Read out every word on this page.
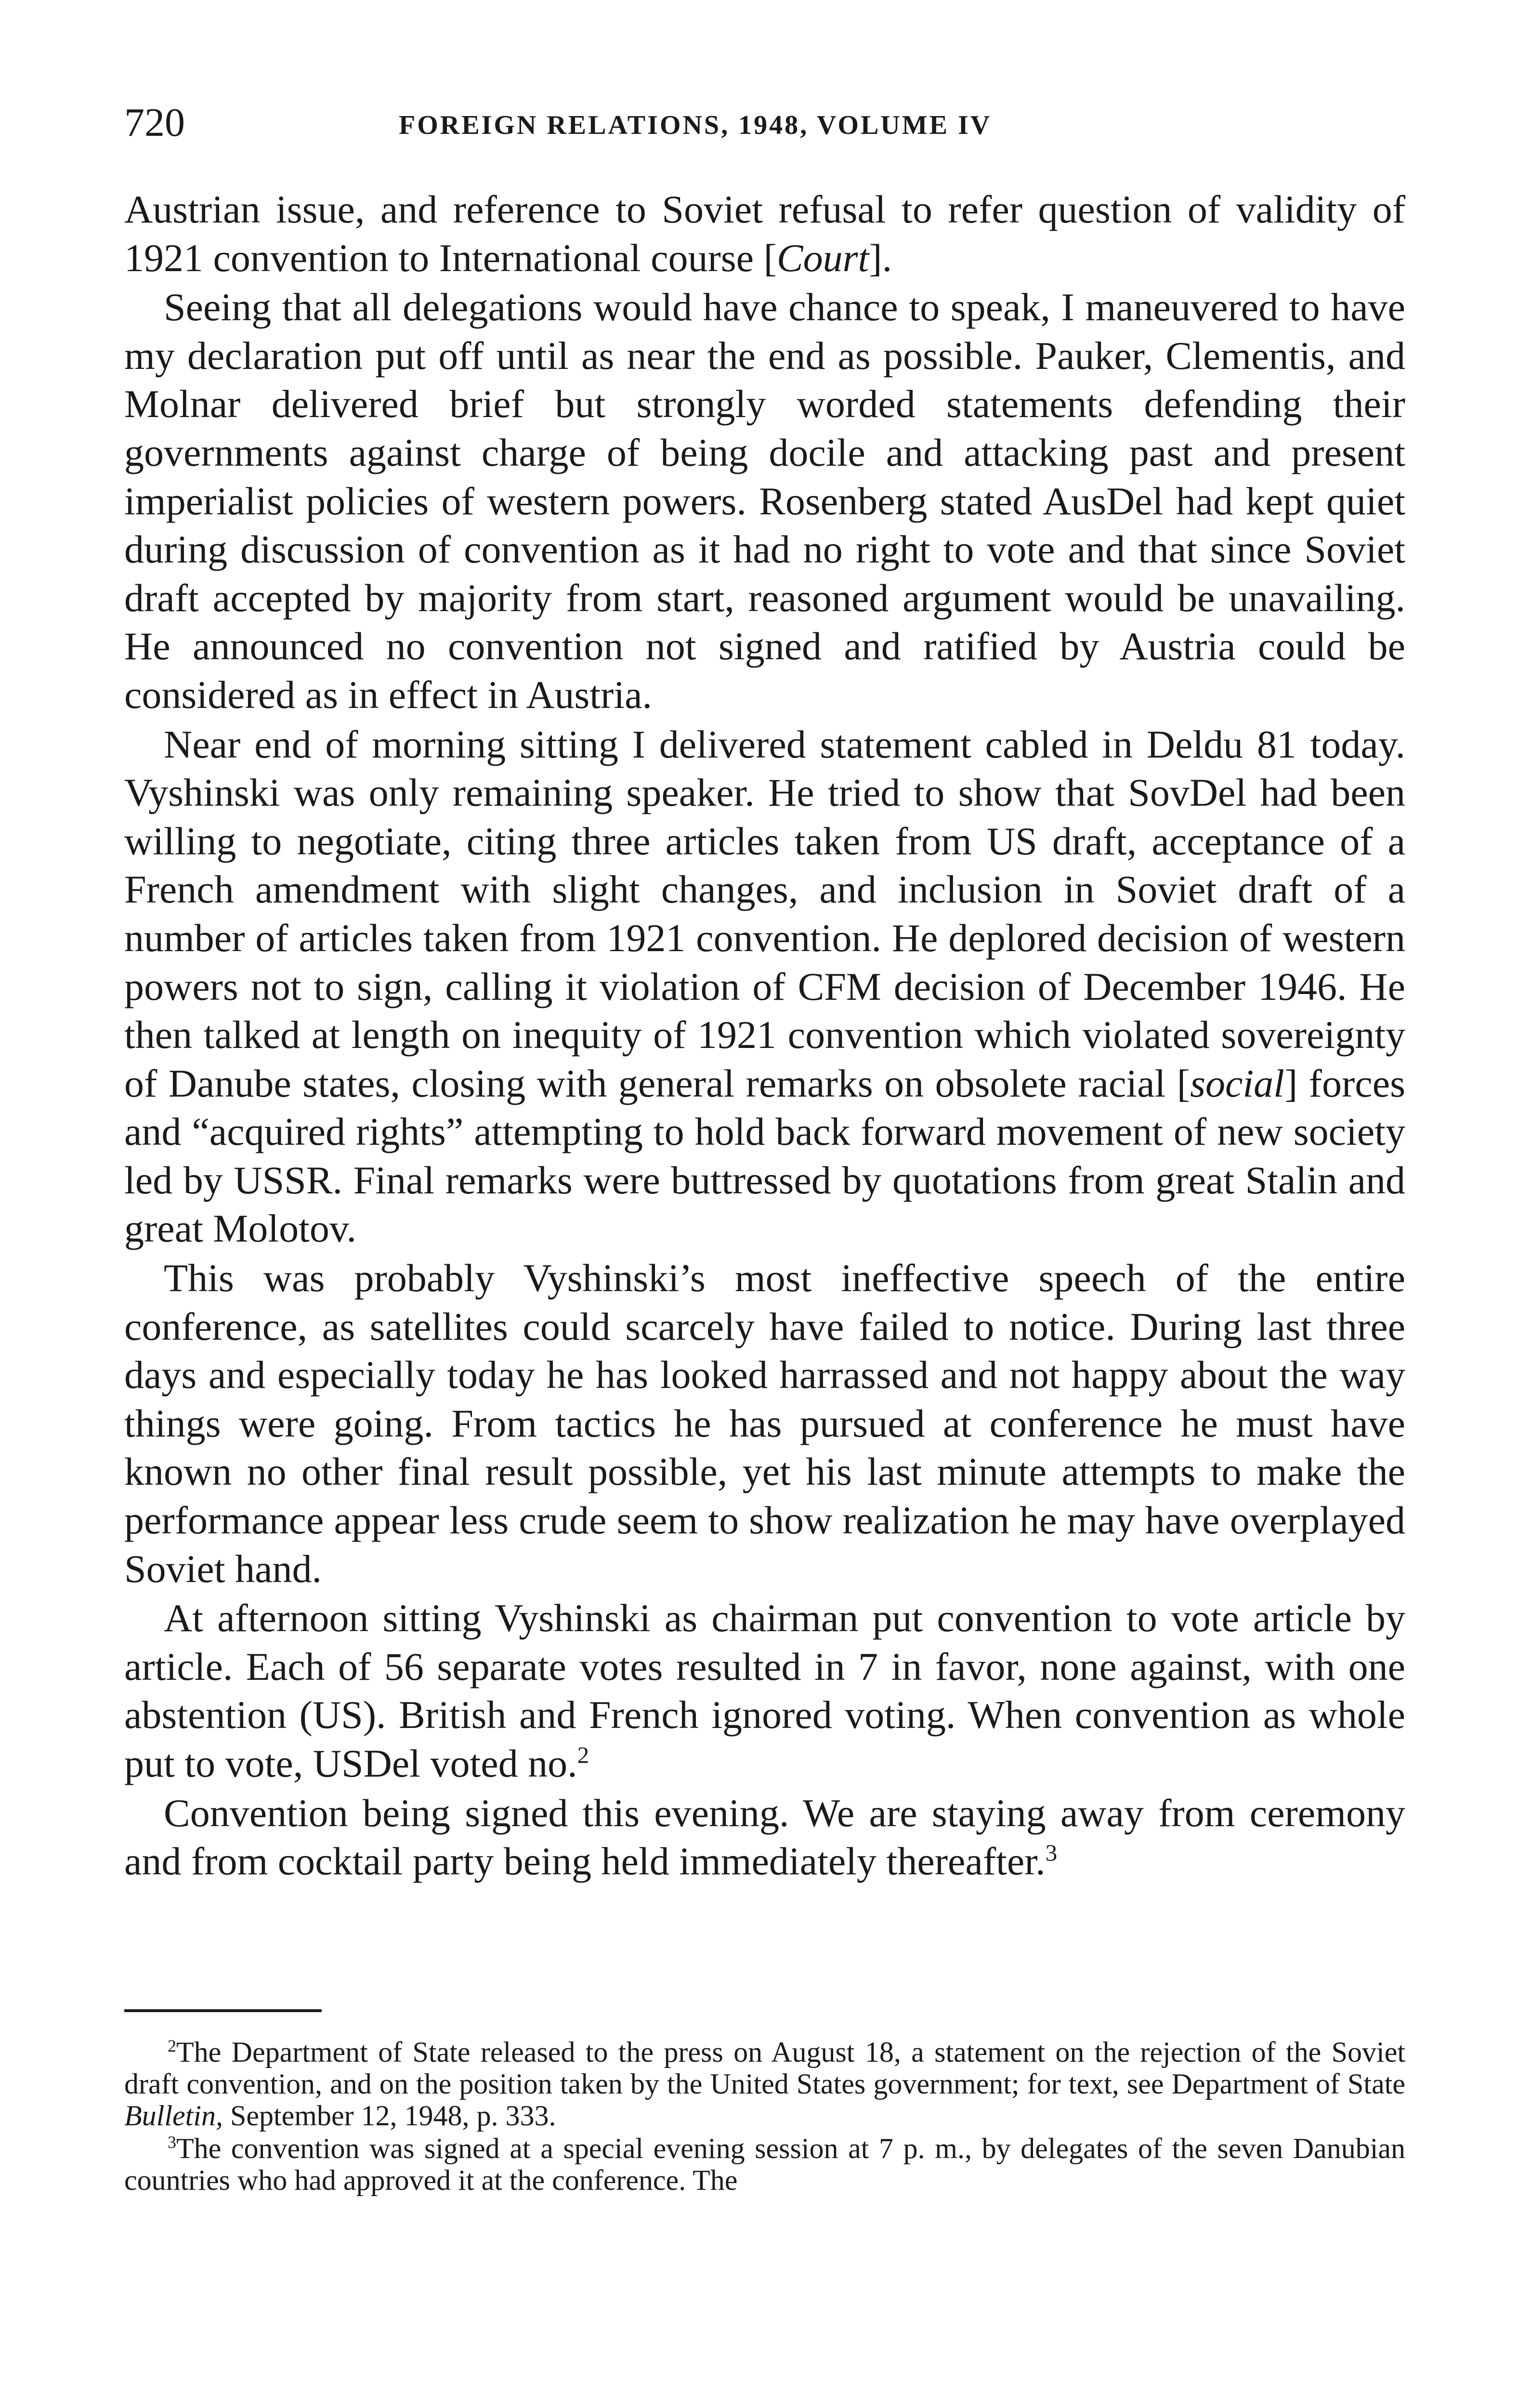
720	FOREIGN RELATIONS, 1948, VOLUME IV

Austrian issue, and reference to Soviet refusal to refer question of validity of 1921 convention to International course [Court].

Seeing that all delegations would have chance to speak, I maneuvered to have my declaration put off until as near the end as possible. Pauker, Clementis, and Molnar delivered brief but strongly worded statements defending their governments against charge of being docile and attacking past and present imperialist policies of western powers. Rosenberg stated AusDel had kept quiet during discussion of convention as it had no right to vote and that since Soviet draft accepted by majority from start, reasoned argument would be unavailing. He announced no convention not signed and ratified by Austria could be considered as in effect in Austria.

Near end of morning sitting I delivered statement cabled in Deldu 81 today. Vyshinski was only remaining speaker. He tried to show that SovDel had been willing to negotiate, citing three articles taken from US draft, acceptance of a French amendment with slight changes, and inclusion in Soviet draft of a number of articles taken from 1921 convention. He deplored decision of western powers not to sign, calling it violation of CFM decision of December 1946. He then talked at length on inequity of 1921 convention which violated sovereignty of Danube states, closing with general remarks on obsolete racial [social] forces and “acquired rights” attempting to hold back forward movement of new society led by USSR. Final remarks were buttressed by quotations from great Stalin and great Molotov.

This was probably Vyshinski’s most ineffective speech of the entire conference, as satellites could scarcely have failed to notice. During last three days and especially today he has looked harrassed and not happy about the way things were going. From tactics he has pursued at conference he must have known no other final result possible, yet his last minute attempts to make the performance appear less crude seem to show realization he may have overplayed Soviet hand.

At afternoon sitting Vyshinski as chairman put convention to vote article by article. Each of 56 separate votes resulted in 7 in favor, none against, with one abstention (US). British and French ignored voting. When convention as whole put to vote, USDel voted no.$^2$

Convention being signed this evening. We are staying away from ceremony and from cocktail party being held immediately thereafter.$^3$

$^2$The Department of State released to the press on August 18, a statement on the rejection of the Soviet draft convention, and on the position taken by the United States government; for text, see Department of State Bulletin, September 12, 1948, p. 333.

$^3$The convention was signed at a special evening session at 7 p. m., by delegates of the seven Danubian countries who had approved it at the conference. The
